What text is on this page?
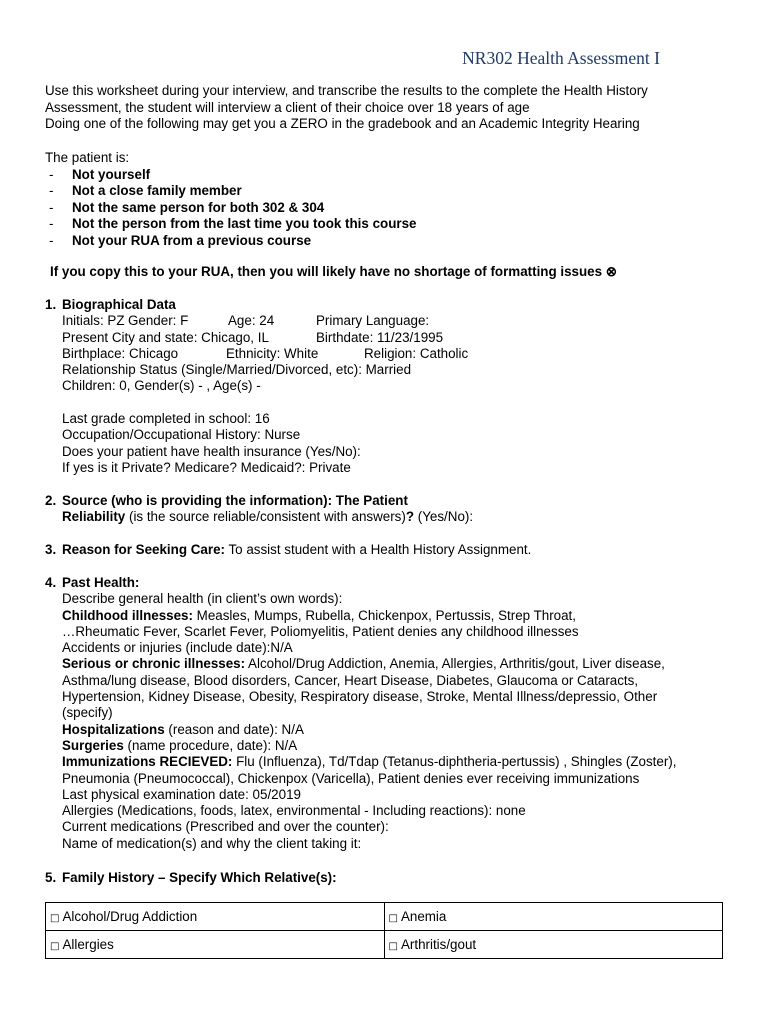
NR302 Health Assessment I
Use this worksheet during your interview, and transcribe the results to the complete the Health History
Assessment, the student will interview a client of their choice over 18 years of age
Doing one of the following may get you a ZERO in the gradebook and an Academic Integrity Hearing
The patient is:
-	Not yourself
-	Not a close family member
-	Not the same person for both 302 & 304
-	Not the person from the last time you took this course
-	Not your RUA from a previous course
If you copy this to your RUA, then you will likely have no shortage of formatting issues ⊗
1. Biographical Data
Initials: PZ Gender: F	Age: 24	Primary Language:
Present City and state: Chicago, IL	Birthdate: 11/23/1995
Birthplace: Chicago	Ethnicity: White	Religion: Catholic
Relationship Status (Single/Married/Divorced, etc): Married
Children: 0, Gender(s) - , Age(s) -
Last grade completed in school: 16
Occupation/Occupational History: Nurse
Does your patient have health insurance (Yes/No):
If yes is it Private? Medicare? Medicaid?: Private
2. Source (who is providing the information): The Patient
Reliability (is the source reliable/consistent with answers)? (Yes/No):
3. Reason for Seeking Care: To assist student with a Health History Assignment.
4. Past Health:
Describe general health (in client’s own words):
Childhood illnesses: Measles, Mumps, Rubella, Chickenpox, Pertussis, Strep Throat,
…Rheumatic Fever, Scarlet Fever, Poliomyelitis, Patient denies any childhood illnesses
Accidents or injuries (include date):N/A
Serious or chronic illnesses: Alcohol/Drug Addiction, Anemia, Allergies, Arthritis/gout, Liver disease,
Asthma/lung disease, Blood disorders, Cancer, Heart Disease, Diabetes, Glaucoma or Cataracts,
Hypertension, Kidney Disease, Obesity, Respiratory disease, Stroke, Mental Illness/depressio, Other
(specify)
Hospitalizations (reason and date): N/A
Surgeries (name procedure, date): N/A
Immunizations RECIEVED: Flu (Influenza), Td/Tdap (Tetanus-diphtheria-pertussis) , Shingles (Zoster),
Pneumonia (Pneumococcal), Chickenpox (Varicella), Patient denies ever receiving immunizations
Last physical examination date: 05/2019
Allergies (Medications, foods, latex, environmental - Including reactions): none
Current medications (Prescribed and over the counter):
Name of medication(s) and why the client taking it:
5. Family History – Specify Which Relative(s):
□ Alcohol/Drug Addiction	□ Anemia
□ Allergies	□ Arthritis/gout
